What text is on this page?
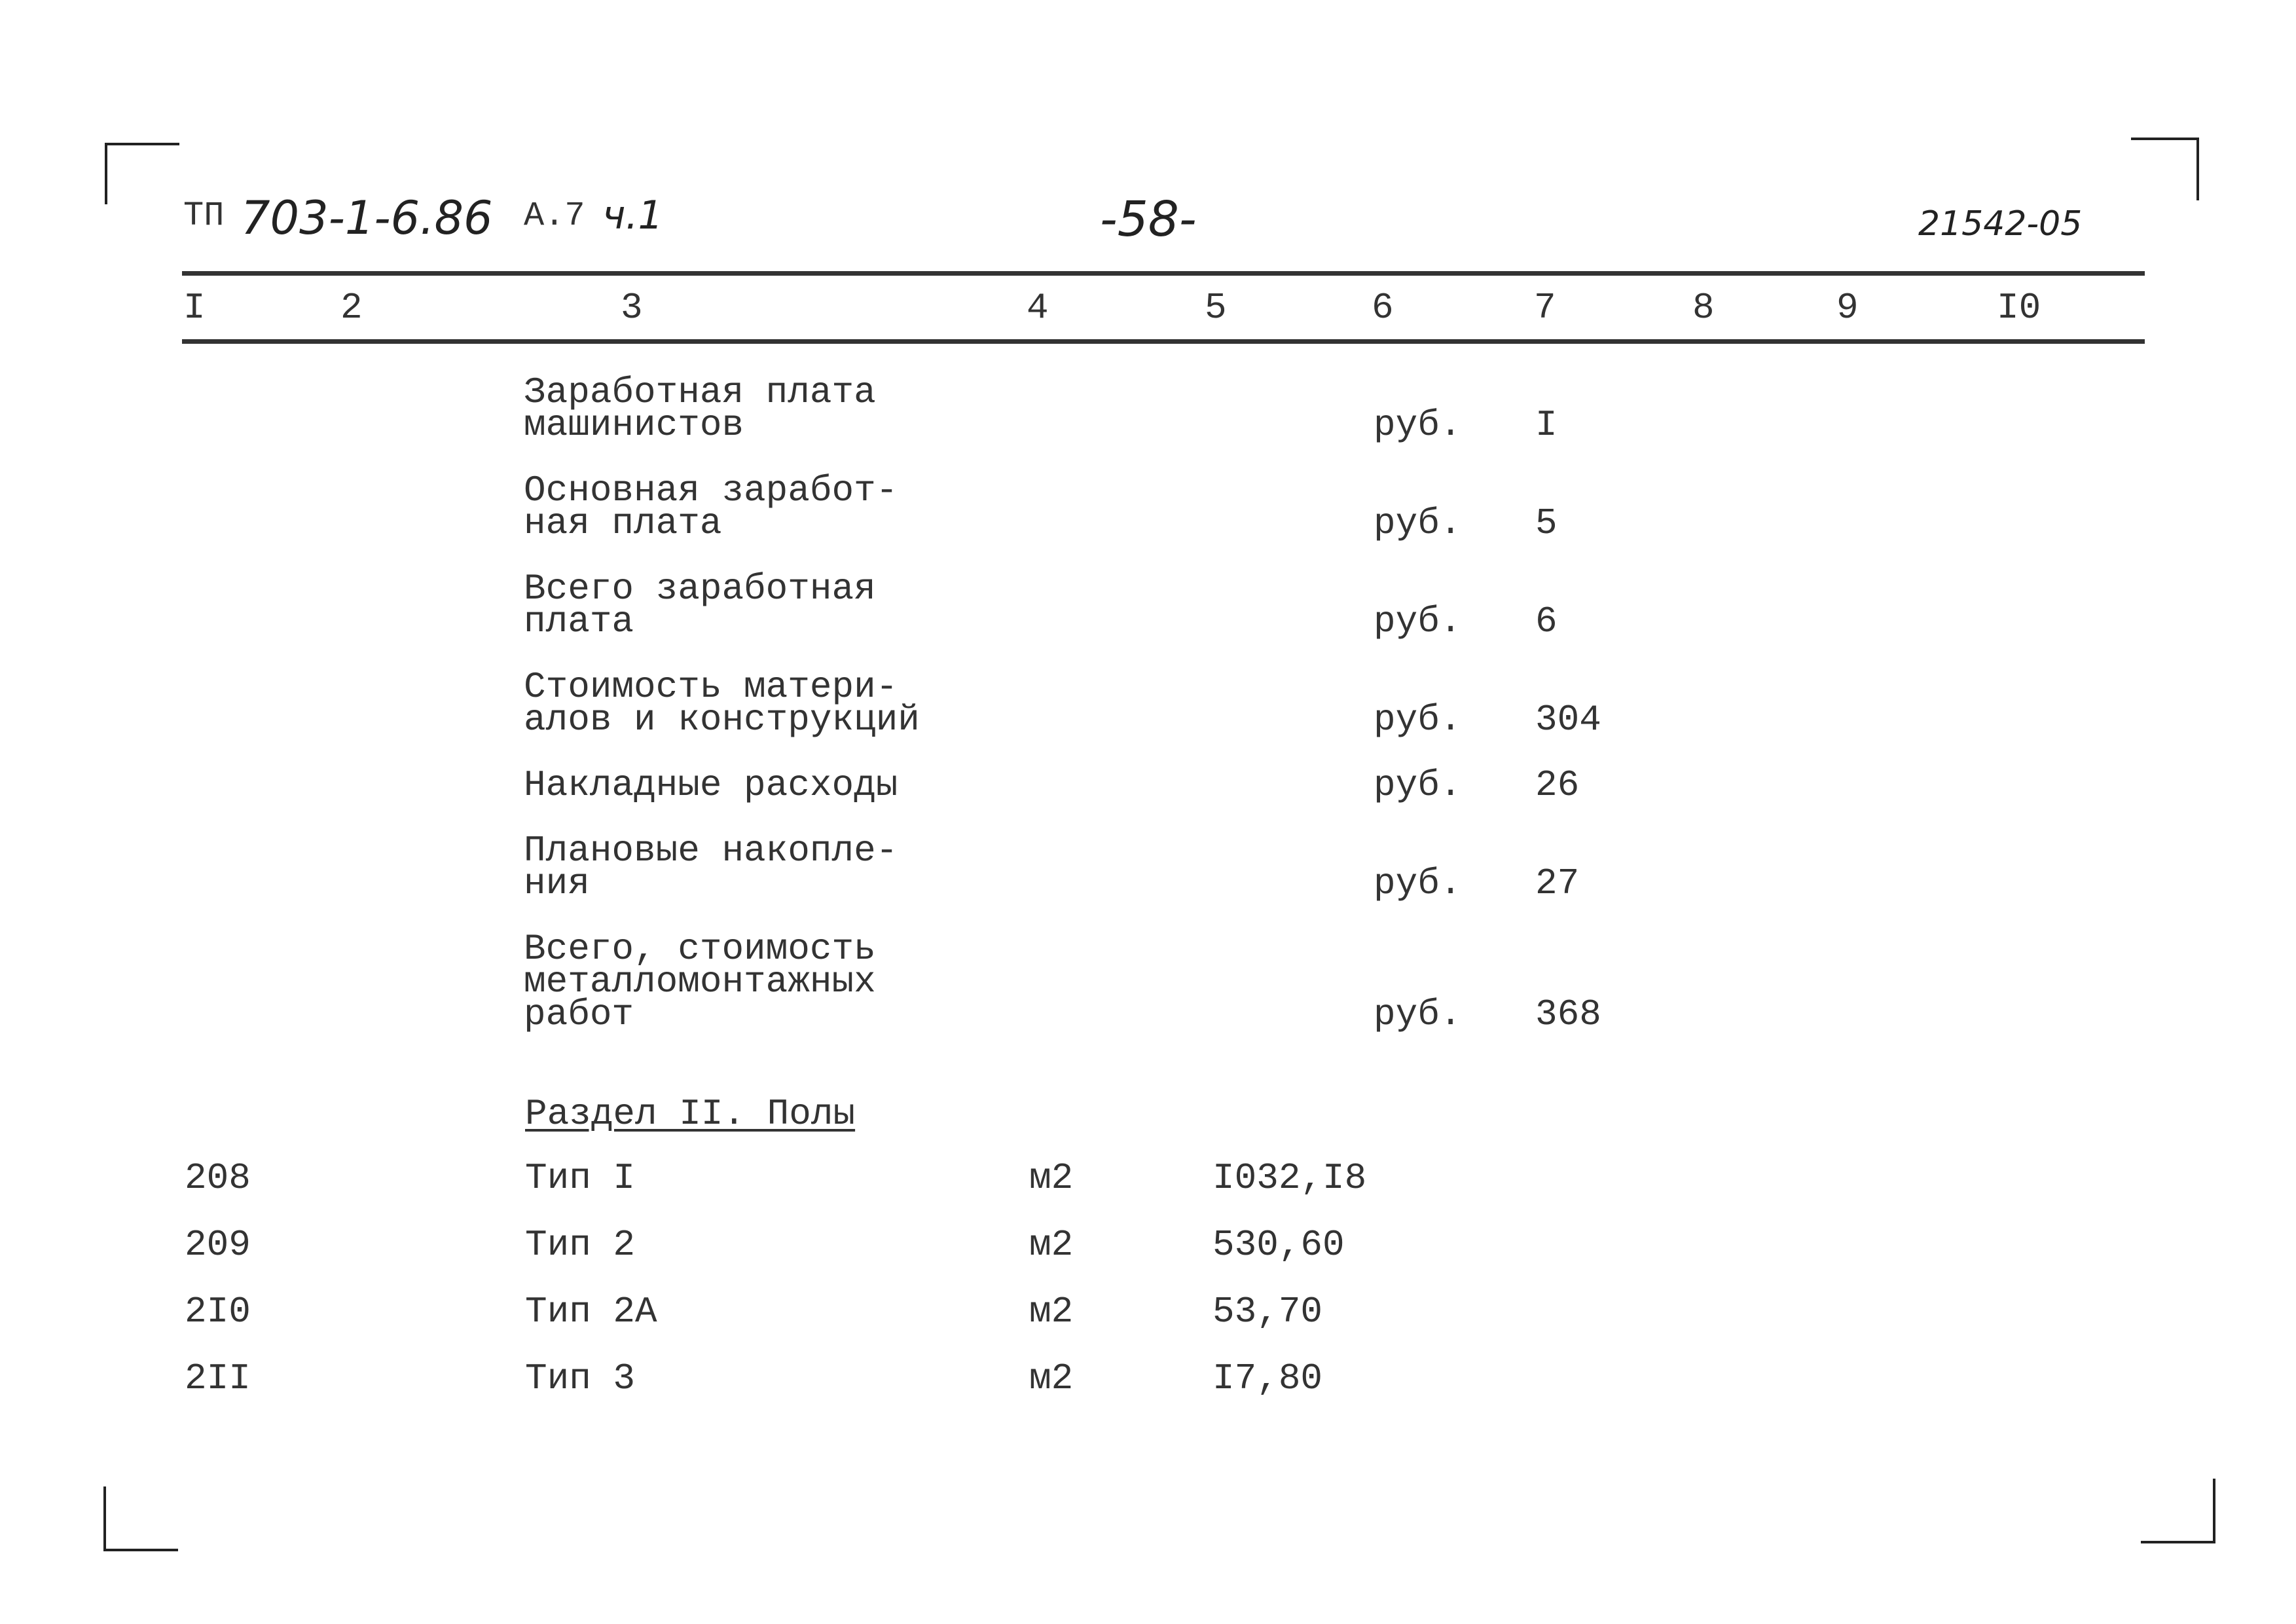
ТП 703-1-6.86 А.7 ч.1	-58-	21542-05
I	2	3	4	5	6	7	8	9	I0
Заработная плата
машинистов	руб. I
Основная заработ-
ная плата	руб. 5
Всего заработная
плата	руб. 6
Стоимость матери-
алов и конструкций	руб. 304
Накладные расходы	руб. 26
Плановые накопле-
ния	руб. 27
Всего, стоимость
металломонтажных
работ	руб. 368
Раздел II. Полы
208	Тип I	м2	I032,I8
209	Тип 2	м2	530,60
2I0	Тип 2А	м2	53,70
2II	Тип 3	м2	I7,80
